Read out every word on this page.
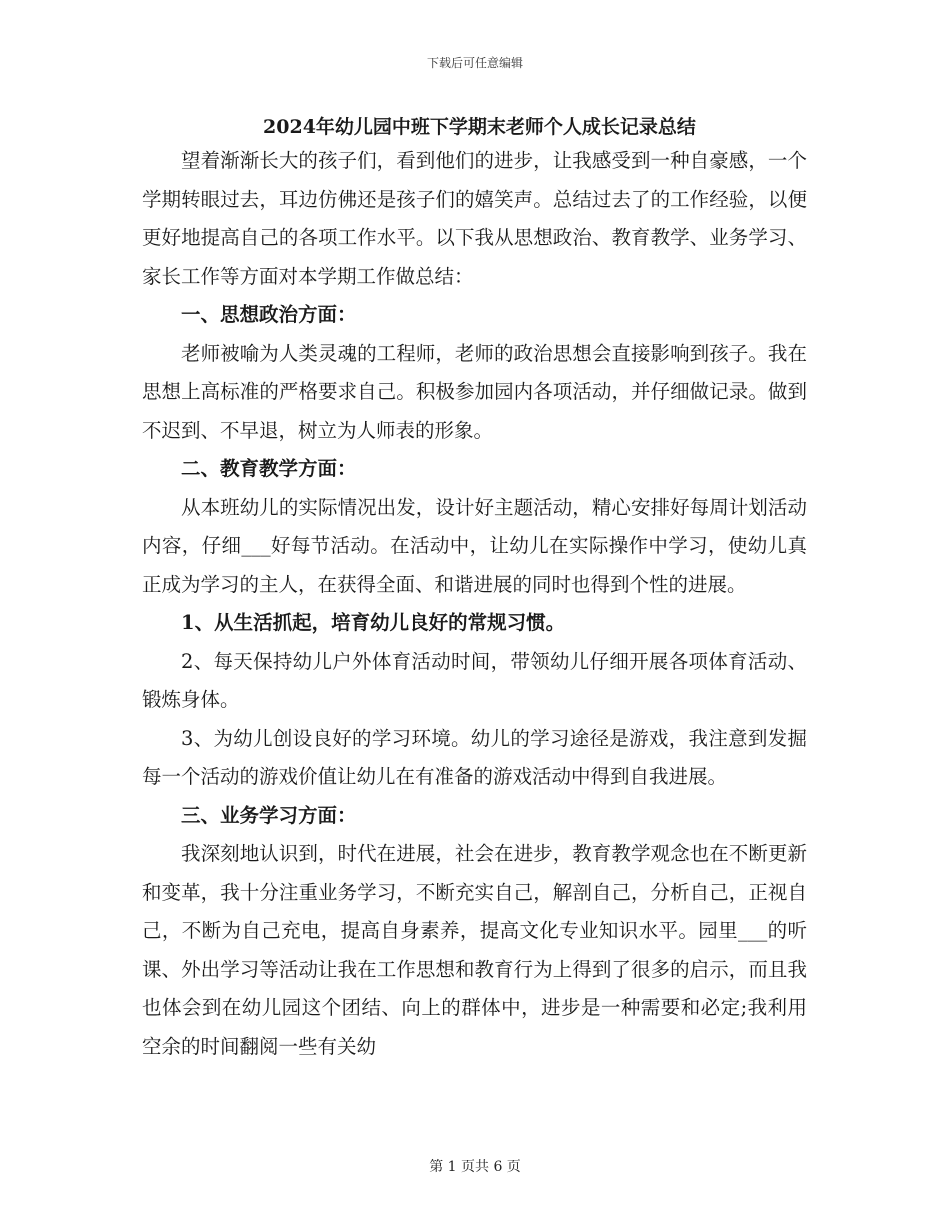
下载后可任意编辑
2024年幼儿园中班下学期末老师个人成长记录总结

望着渐渐长大的孩子们，看到他们的进步，让我感受到一种自豪感，一个学期转眼过去，耳边仿佛还是孩子们的嬉笑声。总结过去了的工作经验，以便更好地提高自己的各项工作水平。以下我从思想政治、教育教学、业务学习、家长工作等方面对本学期工作做总结：

一、思想政治方面：

老师被喻为人类灵魂的工程师，老师的政治思想会直接影响到孩子。我在思想上高标准的严格要求自己。积极参加园内各项活动，并仔细做记录。做到不迟到、不早退，树立为人师表的形象。

二、教育教学方面：

从本班幼儿的实际情况出发，设计好主题活动，精心安排好每周计划活动内容，仔细___好每节活动。在活动中，让幼儿在实际操作中学习，使幼儿真正成为学习的主人，在获得全面、和谐进展的同时也得到个性的进展。

1、从生活抓起，培育幼儿良好的常规习惯。

2、每天保持幼儿户外体育活动时间，带领幼儿仔细开展各项体育活动、锻炼身体。

3、为幼儿创设良好的学习环境。幼儿的学习途径是游戏，我注意到发掘每一个活动的游戏价值让幼儿在有准备的游戏活动中得到自我进展。

三、业务学习方面：

我深刻地认识到，时代在进展，社会在进步，教育教学观念也在不断更新和变革，我十分注重业务学习，不断充实自己，解剖自己，分析自己，正视自己，不断为自己充电，提高自身素养，提高文化专业知识水平。园里___的听课、外出学习等活动让我在工作思想和教育行为上得到了很多的启示，而且我也体会到在幼儿园这个团结、向上的群体中，进步是一种需要和必定;我利用空余的时间翻阅一些有关幼

第 1 页共 6 页
